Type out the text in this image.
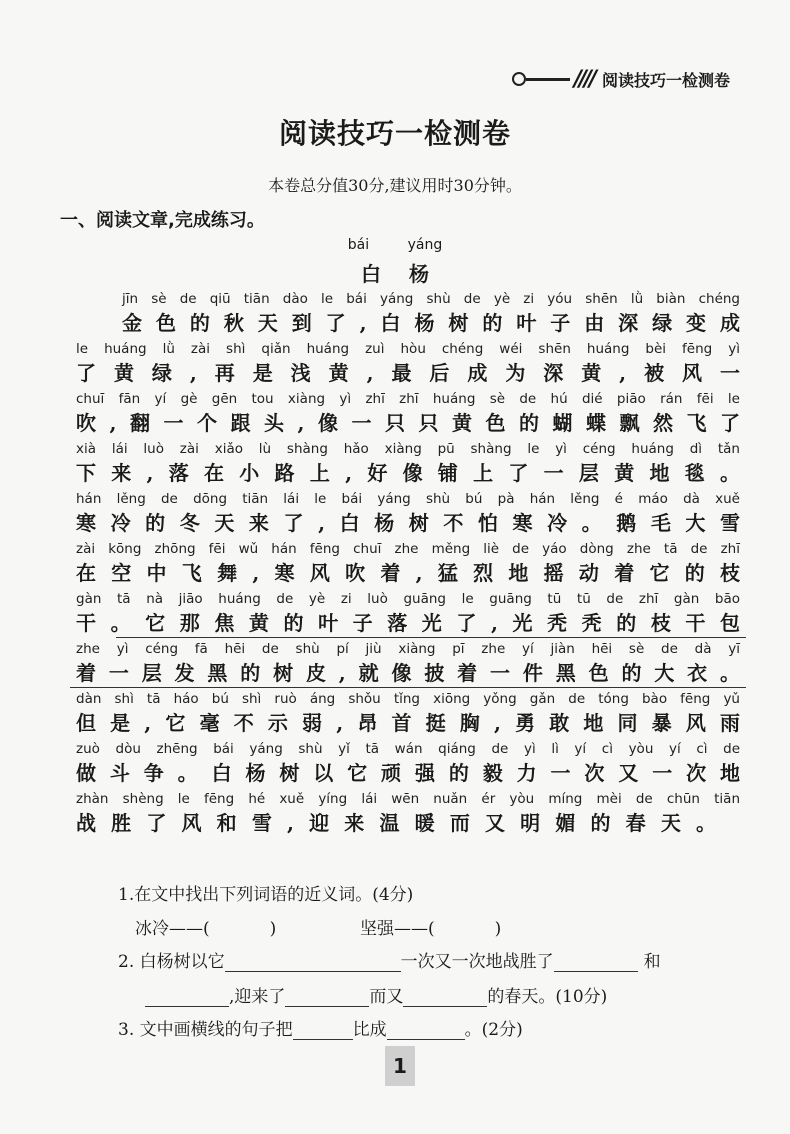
//// 阅读技巧一检测卷
阅读技巧一检测卷
本卷总分值30分,建议用时30分钟。
一、阅读文章,完成练习。
bái yáng
白杨
jīn sè de qiū tiān dào le bái yáng shù de yè zi yóu shēn lǜ biàn chéng
金色的秋天到了,白杨树的叶子由深绿变成
le huáng lǜ zài shì qiǎn huáng zuì hòu chéng wéi shēn huáng bèi fēng yì
了黄绿,再是浅黄,最后成为深黄,被风一
chuī fān yí gè gēn tou xiàng yì zhī zhī huáng sè de hú dié piāo rán fēi le
吹,翻一个跟头,像一只只黄色的蝴蝶飘然飞了
xià lái luò zài xiǎo lù shàng hǎo xiàng pū shàng le yì céng huáng dì tǎn
下来,落在小路上,好像铺上了一层黄地毯。
hán lěng de dōng tiān lái le bái yáng shù bú pà hán lěng é máo dà xuě
寒冷的冬天来了,白杨树不怕寒冷。鹅毛大雪
zài kōng zhōng fēi wǔ hán fēng chuī zhe měng liè de yáo dòng zhe tā de zhī
在空中飞舞,寒风吹着,猛烈地摇动着它的枝
gàn tā nà jiāo huáng de yè zi luò guāng le guāng tū tū de zhī gàn bāo
干。它那焦黄的叶子落光了,光秃秃的枝干包
zhe yì céng fā hēi de shù pí jiù xiàng pī zhe yí jiàn hēi sè de dà yī
着一层发黑的树皮,就像披着一件黑色的大衣。
dàn shì tā háo bú shì ruò áng shǒu tǐng xiōng yǒng gǎn de tóng bào fēng yǔ
但是,它毫不示弱,昂首挺胸,勇敢地同暴风雨
zuò dòu zhēng bái yáng shù yǐ tā wán qiáng de yì lì yí cì yòu yí cì de
做斗争。白杨树以它顽强的毅力一次又一次地
zhàn shèng le fēng hé xuě yíng lái wēn nuǎn ér yòu míng mèi de chūn tiān
战胜了风和雪,迎来温暖而又明媚的春天。
1.在文中找出下列词语的近义词。(4分)
冰冷——(	)	坚强——(	)
2. 白杨树以它	一次又一次地战胜了	和
,迎来了	而又	的春天。(10分)
3. 文中画横线的句子把	比成	。(2分)
1
